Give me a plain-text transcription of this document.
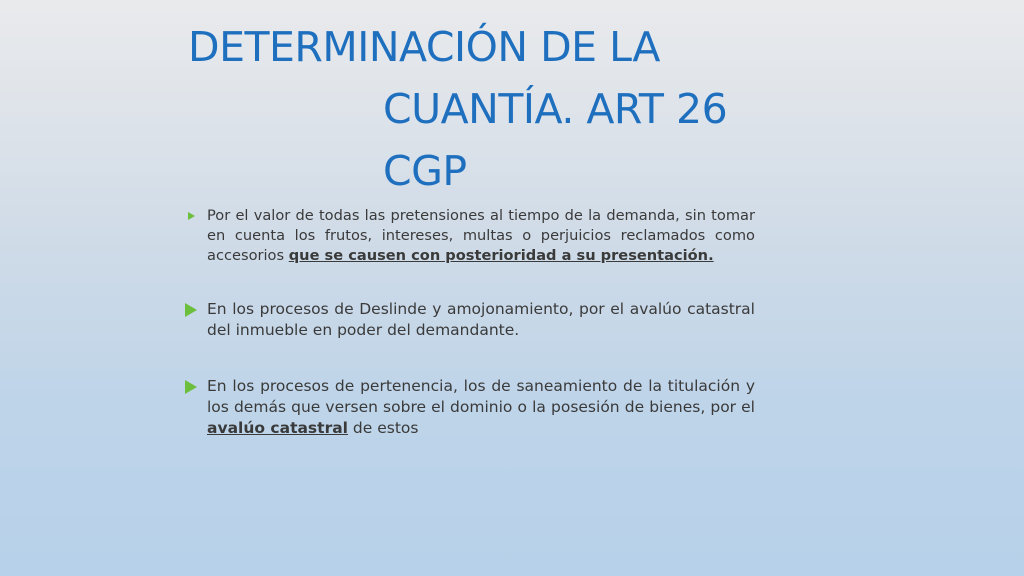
DETERMINACIÓN DE LA
CUANTÍA. ART 26
CGP
Por el valor de todas las pretensiones al tiempo de la demanda, sin tomar en cuenta los frutos, intereses, multas o perjuicios reclamados como accesorios que se causen con posterioridad a su presentación.
En los procesos de Deslinde y amojonamiento, por el avalúo catastral del inmueble en poder del demandante.
En los procesos de pertenencia, los de saneamiento de la titulación y los demás que versen sobre el dominio o la posesión de bienes, por el avalúo catastral de estos
